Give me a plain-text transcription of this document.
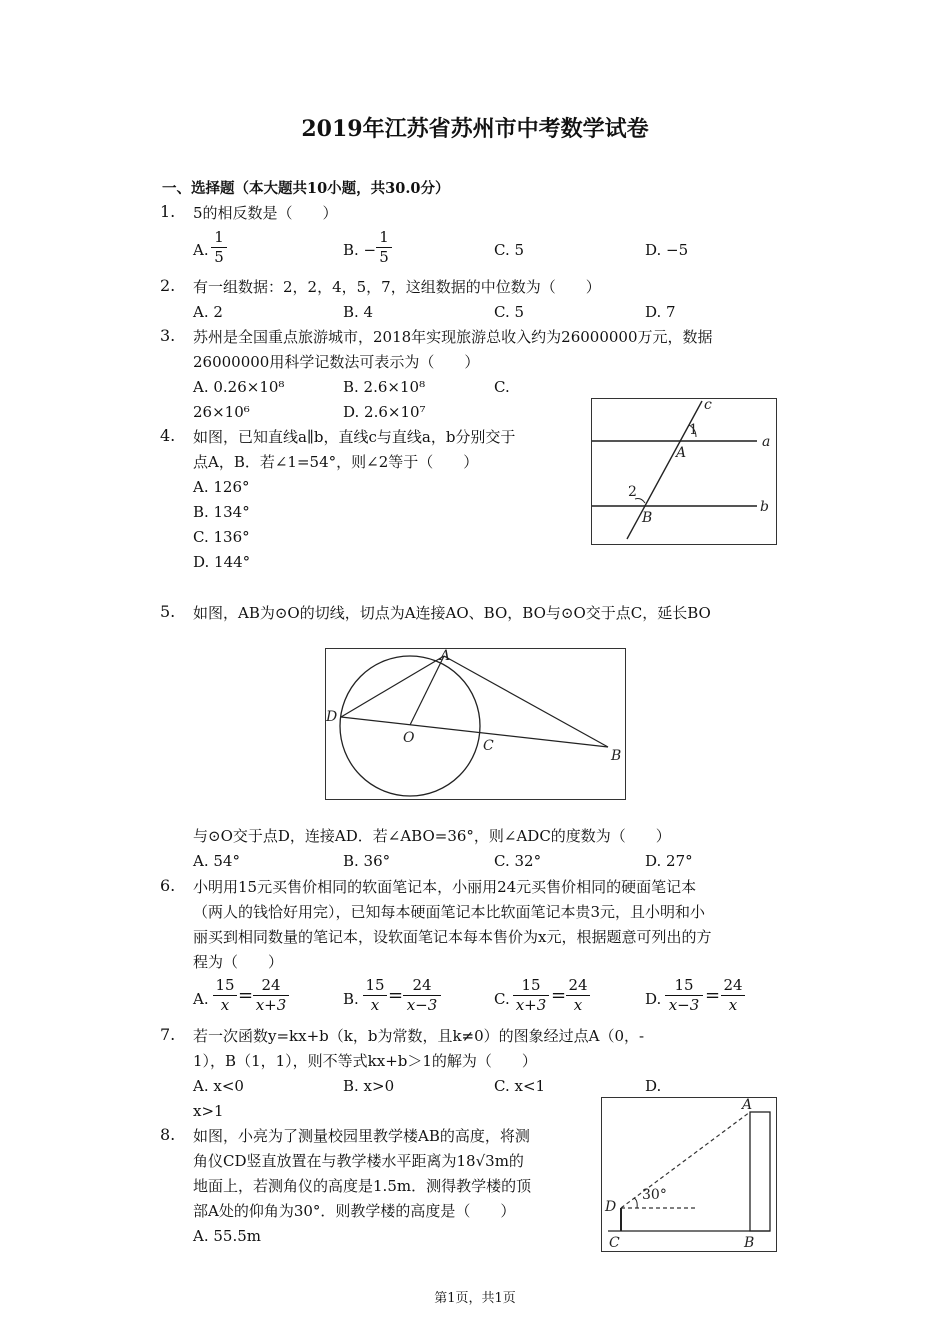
2019年江苏省苏州市中考数学试卷
一、选择题（本大题共10小题，共30.0分）
1. 5的相反数是（　　）
A.
1
5	B. −
1
5	C. 5	D. −5
2. 有一组数据：2，2，4，5，7，这组数据的中位数为（　　）
A. 2	B. 4	C. 5	D. 7
3. 苏州是全国重点旅游城市，2018年实现旅游总收入约为26000000万元，数据
26000000用科学记数法可表示为（　　）
A. 0.26×10⁸	B. 2.6×10⁸	C.
26×10⁶	D. 2.6×10⁷
4. 如图，已知直线a∥b，直线c与直线a，b分别交于
点A，B．若∠1=54°，则∠2等于（　　）
A. 126°
B. 134°
C. 136°
D. 144°
c
1
A
a
2
B
b
5. 如图，AB为⊙O的切线，切点为A连接AO、BO，BO与⊙O交于点C，延长BO
A
D
O	C
B
与⊙O交于点D，连接AD．若∠ABO=36°，则∠ADC的度数为（　　）
A. 54°	B. 36°	C. 32°	D. 27°
6. 小明用15元买售价相同的软面笔记本，小丽用24元买售价相同的硬面笔记本
（两人的钱恰好用完），已知每本硬面笔记本比软面笔记本贵3元，且小明和小
丽买到相同数量的笔记本，设软面笔记本每本售价为x元，根据题意可列出的方
程为（　　）
A.
15
x = 24
x+3	B.
15
x = 24
x−3	C.
15
x+3 = 24
x	D.
15
x−3 = 24
x
7. 若一次函数y=kx+b（k，b为常数，且k≠0）的图象经过点A（0，-
1），B（1，1），则不等式kx+b＞1的解为（　　）
A. x<0	B. x>0	C. x<1	D.
x>1
8. 如图，小亮为了测量校园里教学楼AB的高度，将测
角仪CD竖直放置在与教学楼水平距离为18√3m的
地面上，若测角仪的高度是1.5m．测得教学楼的顶
部A处的仰角为30°．则教学楼的高度是（　　）
A. 55.5m
A
D
30°
C	B
第1页，共1页
